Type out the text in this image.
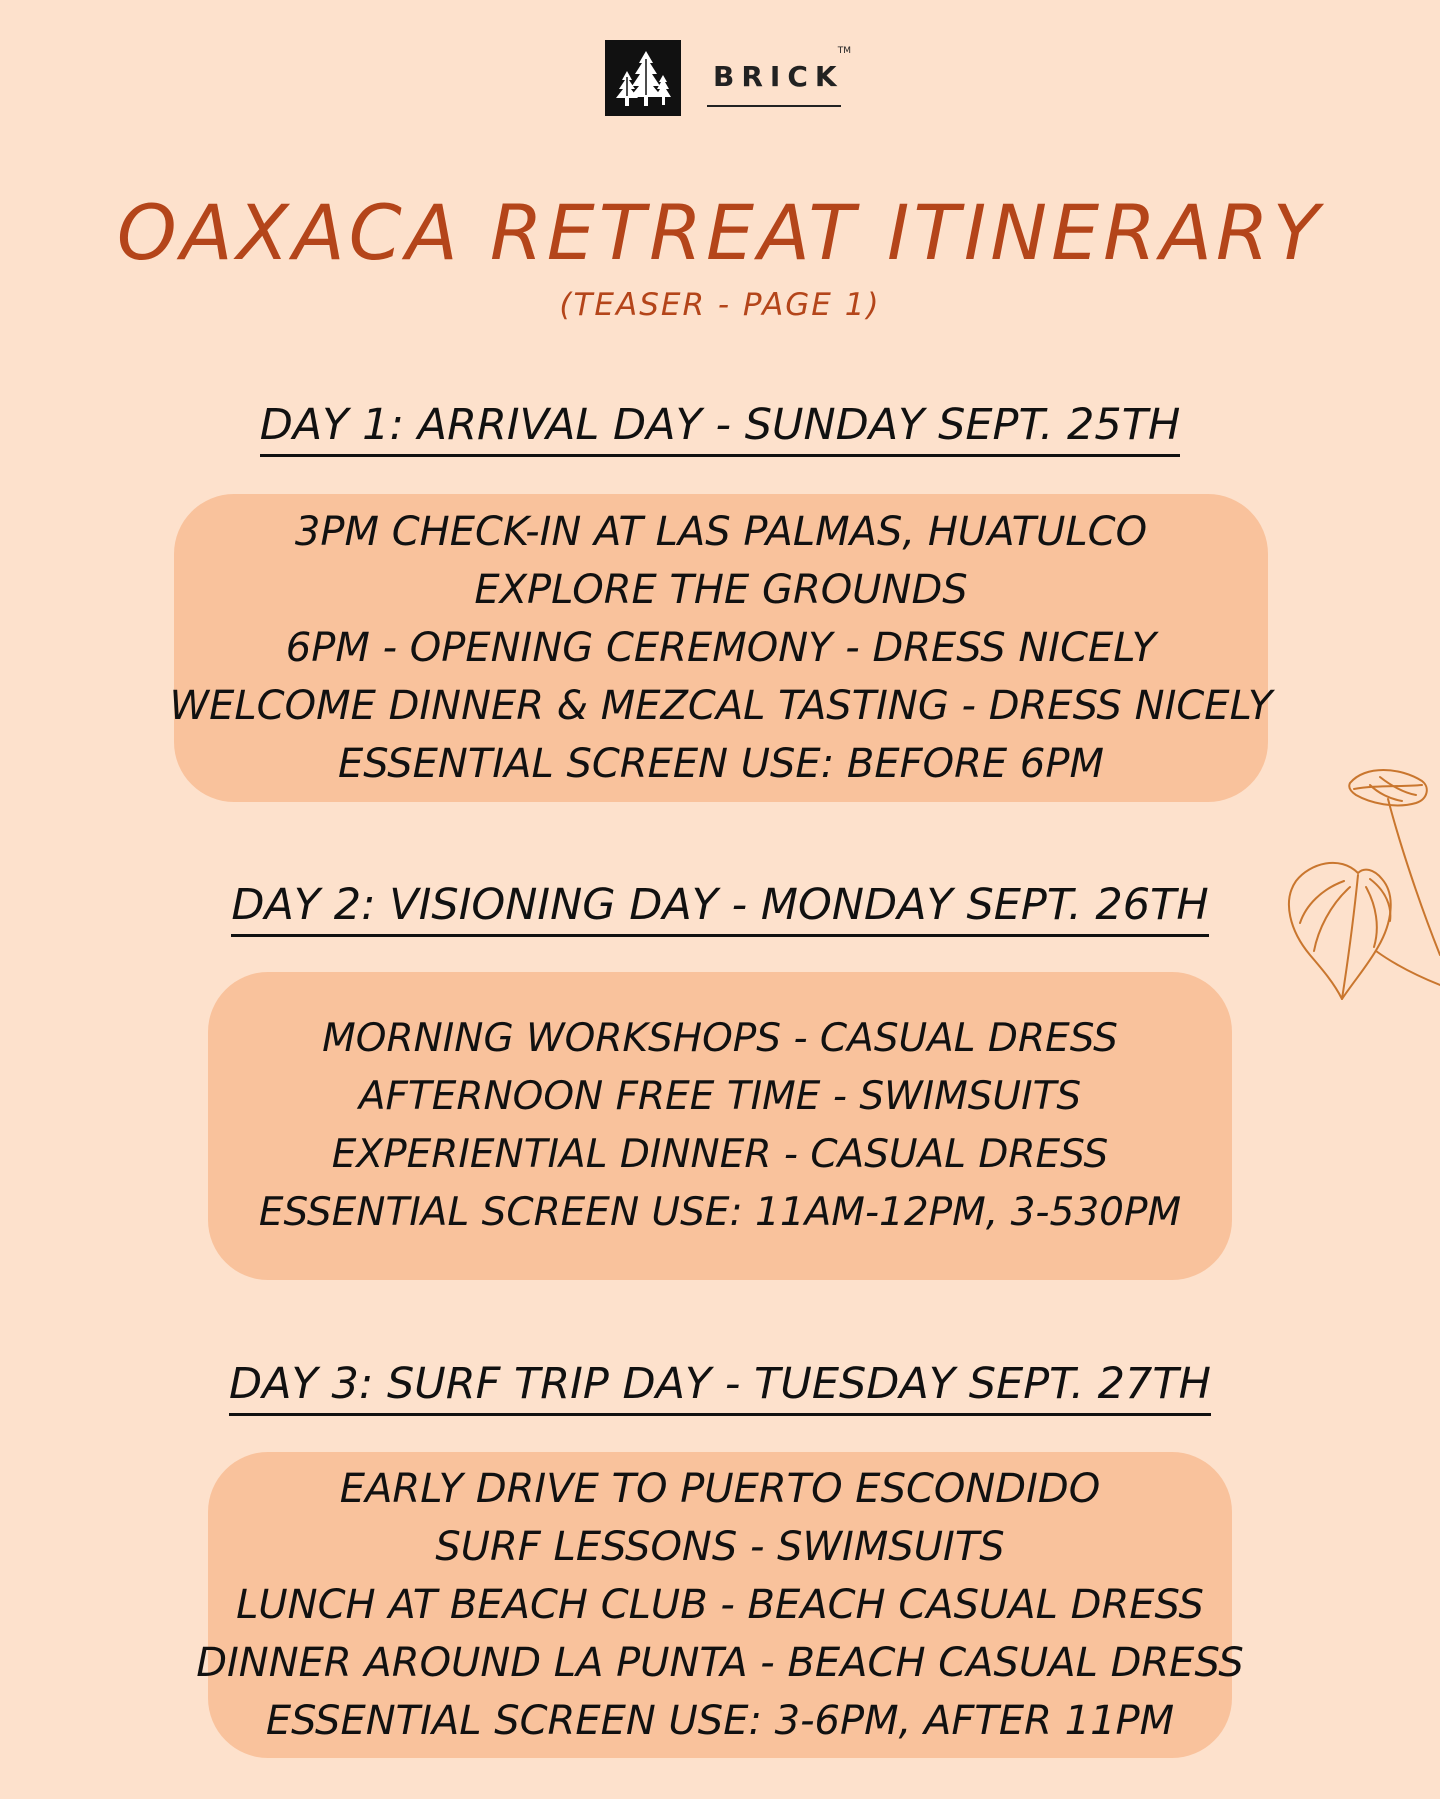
BRICK
TM
OAXACA RETREAT ITINERARY
(TEASER - PAGE 1)
DAY 1: ARRIVAL DAY - SUNDAY SEPT. 25TH
3PM CHECK-IN AT LAS PALMAS, HUATULCO
EXPLORE THE GROUNDS
6PM - OPENING CEREMONY - DRESS NICELY
WELCOME DINNER & MEZCAL TASTING - DRESS NICELY
ESSENTIAL SCREEN USE: BEFORE 6PM
DAY 2: VISIONING DAY - MONDAY SEPT. 26TH
MORNING WORKSHOPS - CASUAL DRESS
AFTERNOON FREE TIME - SWIMSUITS
EXPERIENTIAL DINNER - CASUAL DRESS
ESSENTIAL SCREEN USE: 11AM-12PM, 3-530PM
DAY 3: SURF TRIP DAY - TUESDAY SEPT. 27TH
EARLY DRIVE TO PUERTO ESCONDIDO
SURF LESSONS - SWIMSUITS
LUNCH AT BEACH CLUB - BEACH CASUAL DRESS
DINNER AROUND LA PUNTA - BEACH CASUAL DRESS
ESSENTIAL SCREEN USE: 3-6PM, AFTER 11PM
